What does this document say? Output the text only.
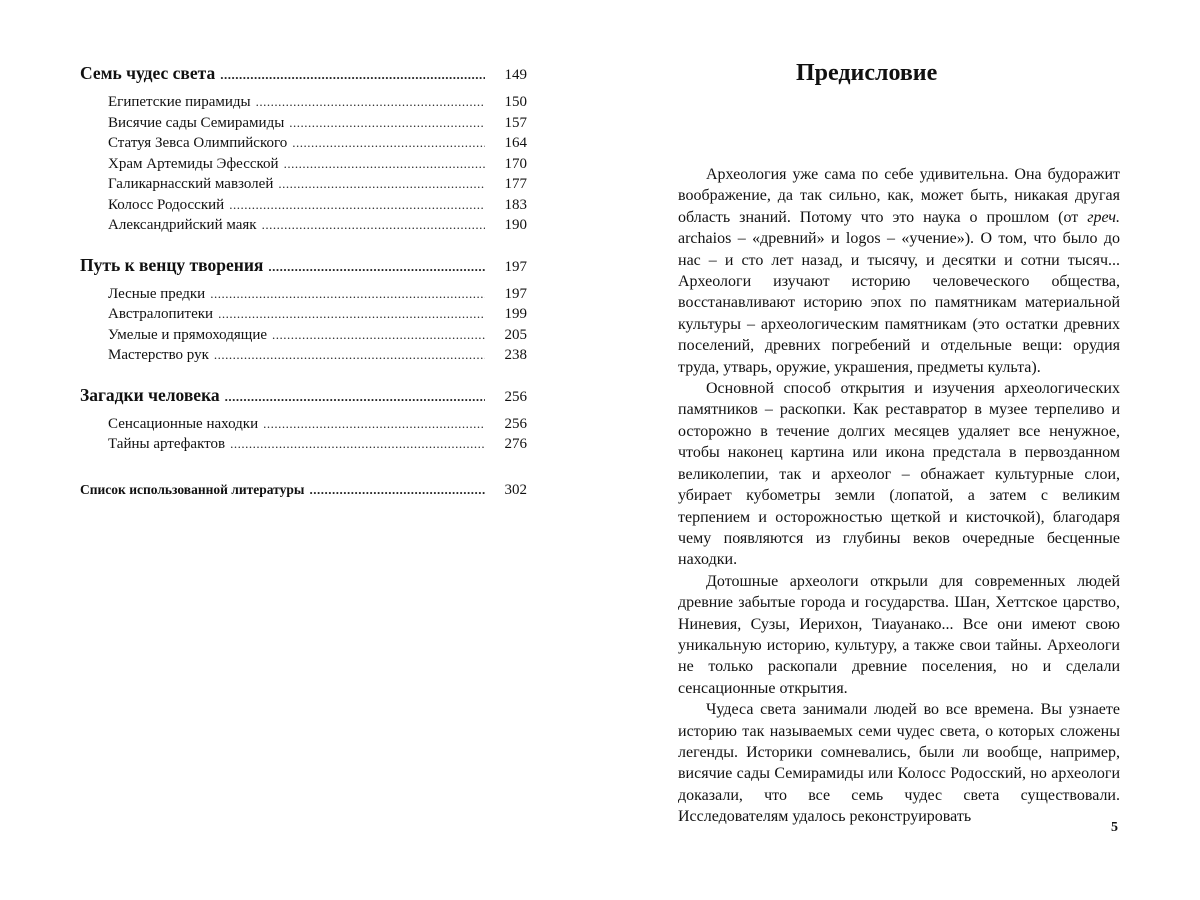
Семь чудес света .....	149
Египетские пирамиды .....	150
Висячие сады Семирамиды .....	157
Статуя Зевса Олимпийского .....	164
Храм Артемиды Эфесской .....	170
Галикарнасский мавзолей .....	177
Колосс Родосский .....	183
Александрийский маяк .....	190
Путь к венцу творения .....	197
Лесные предки .....	197
Австралопитеки .....	199
Умелые и прямоходящие .....	205
Мастерство рук .....	238
Загадки человека .....	256
Сенсационные находки .....	256
Тайны артефактов .....	276
Список использованной литературы .....	302
Предисловие

Археология уже сама по себе удивительна. Она будоражит воображение, да так сильно, как, может быть, никакая другая область знаний. Потому что это наука о прошлом (от греч. archaios – «древний» и logos – «учение»). О том, что было до нас – и сто лет назад, и тысячу, и десятки и сотни тысяч... Археологи изучают историю человеческого общества, восстанавливают историю эпох по памятникам материальной культуры – археологическим памятникам (это остатки древних поселений, древних погребений и отдельные вещи: орудия труда, утварь, оружие, украшения, предметы культа).

Основной способ открытия и изучения археологических памятников – раскопки. Как реставратор в музее терпеливо и осторожно в течение долгих месяцев удаляет все ненужное, чтобы наконец картина или икона предстала в первозданном великолепии, так и археолог – обнажает культурные слои, убирает кубометры земли (лопатой, а затем с великим терпением и осторожностью щеткой и кисточкой), благодаря чему появляются из глубины веков очередные бесценные находки.

Дотошные археологи открыли для современных людей древние забытые города и государства. Шан, Хеттское царство, Ниневия, Сузы, Иерихон, Тиауанако... Все они имеют свою уникальную историю, культуру, а также свои тайны. Археологи не только раскопали древние поселения, но и сделали сенсационные открытия.

Чудеса света занимали людей во все времена. Вы узнаете историю так называемых семи чудес света, о которых сложены легенды. Историки сомневались, были ли вообще, например, висячие сады Семирамиды или Колосс Родосский, но археологи доказали, что все семь чудес света существовали. Исследователям удалось реконструировать

5
